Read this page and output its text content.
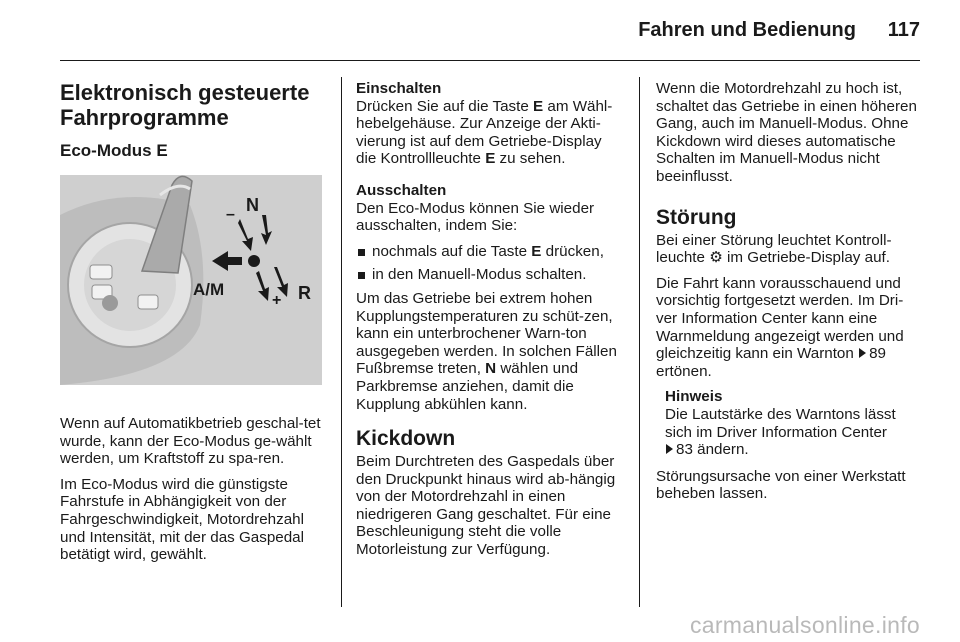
Fahren und Bedienung	117
Elektronisch gesteuerte Fahrprogramme
Eco-Modus E
N
–
A/M
+ R

Wenn auf Automatikbetrieb geschal-tet wurde, kann der Eco-Modus ge-wählt werden, um Kraftstoff zu spa-ren.

Im Eco-Modus wird die günstigste Fahrstufe in Abhängigkeit von der Fahrgeschwindigkeit, Motordrehzahl und Intensität, mit der das Gaspedal betätigt wird, gewählt.

Einschalten

Drücken Sie auf die Taste E am Wähl-hebelgehäuse. Zur Anzeige der Akti-vierung ist auf dem Getriebe-Display die Kontrollleuchte E zu sehen.

Ausschalten

Den Eco-Modus können Sie wieder ausschalten, indem Sie:

nochmals auf die Taste E drücken,
in den Manuell-Modus schalten.

Um das Getriebe bei extrem hohen Kupplungstemperaturen zu schüt-zen, kann ein unterbrochener Warn-ton ausgegeben werden. In solchen Fällen Fußbremse treten, N wählen und Parkbremse anziehen, damit die Kupplung abkühlen kann.

Kickdown

Beim Durchtreten des Gaspedals über den Druckpunkt hinaus wird ab-hängig von der Motordrehzahl in einen niedrigeren Gang geschaltet. Für eine Beschleunigung steht die volle Motorleistung zur Verfügung.

Wenn die Motordrehzahl zu hoch ist, schaltet das Getriebe in einen höheren Gang, auch im Manuell-Modus. Ohne Kickdown wird dieses automatische Schalten im Manuell-Modus nicht beeinflusst.

Störung

Bei einer Störung leuchtet Kontroll-leuchte ⚙ im Getriebe-Display auf.

Die Fahrt kann vorausschauend und vorsichtig fortgesetzt werden. Im Dri-ver Information Center kann eine Warnmeldung angezeigt werden und gleichzeitig kann ein Warnton 89 ertönen.

Hinweis
Die Lautstärke des Warntons lässt sich im Driver Information Center
83 ändern.

Störungsursache von einer Werkstatt beheben lassen.

carmanualsonline.info
